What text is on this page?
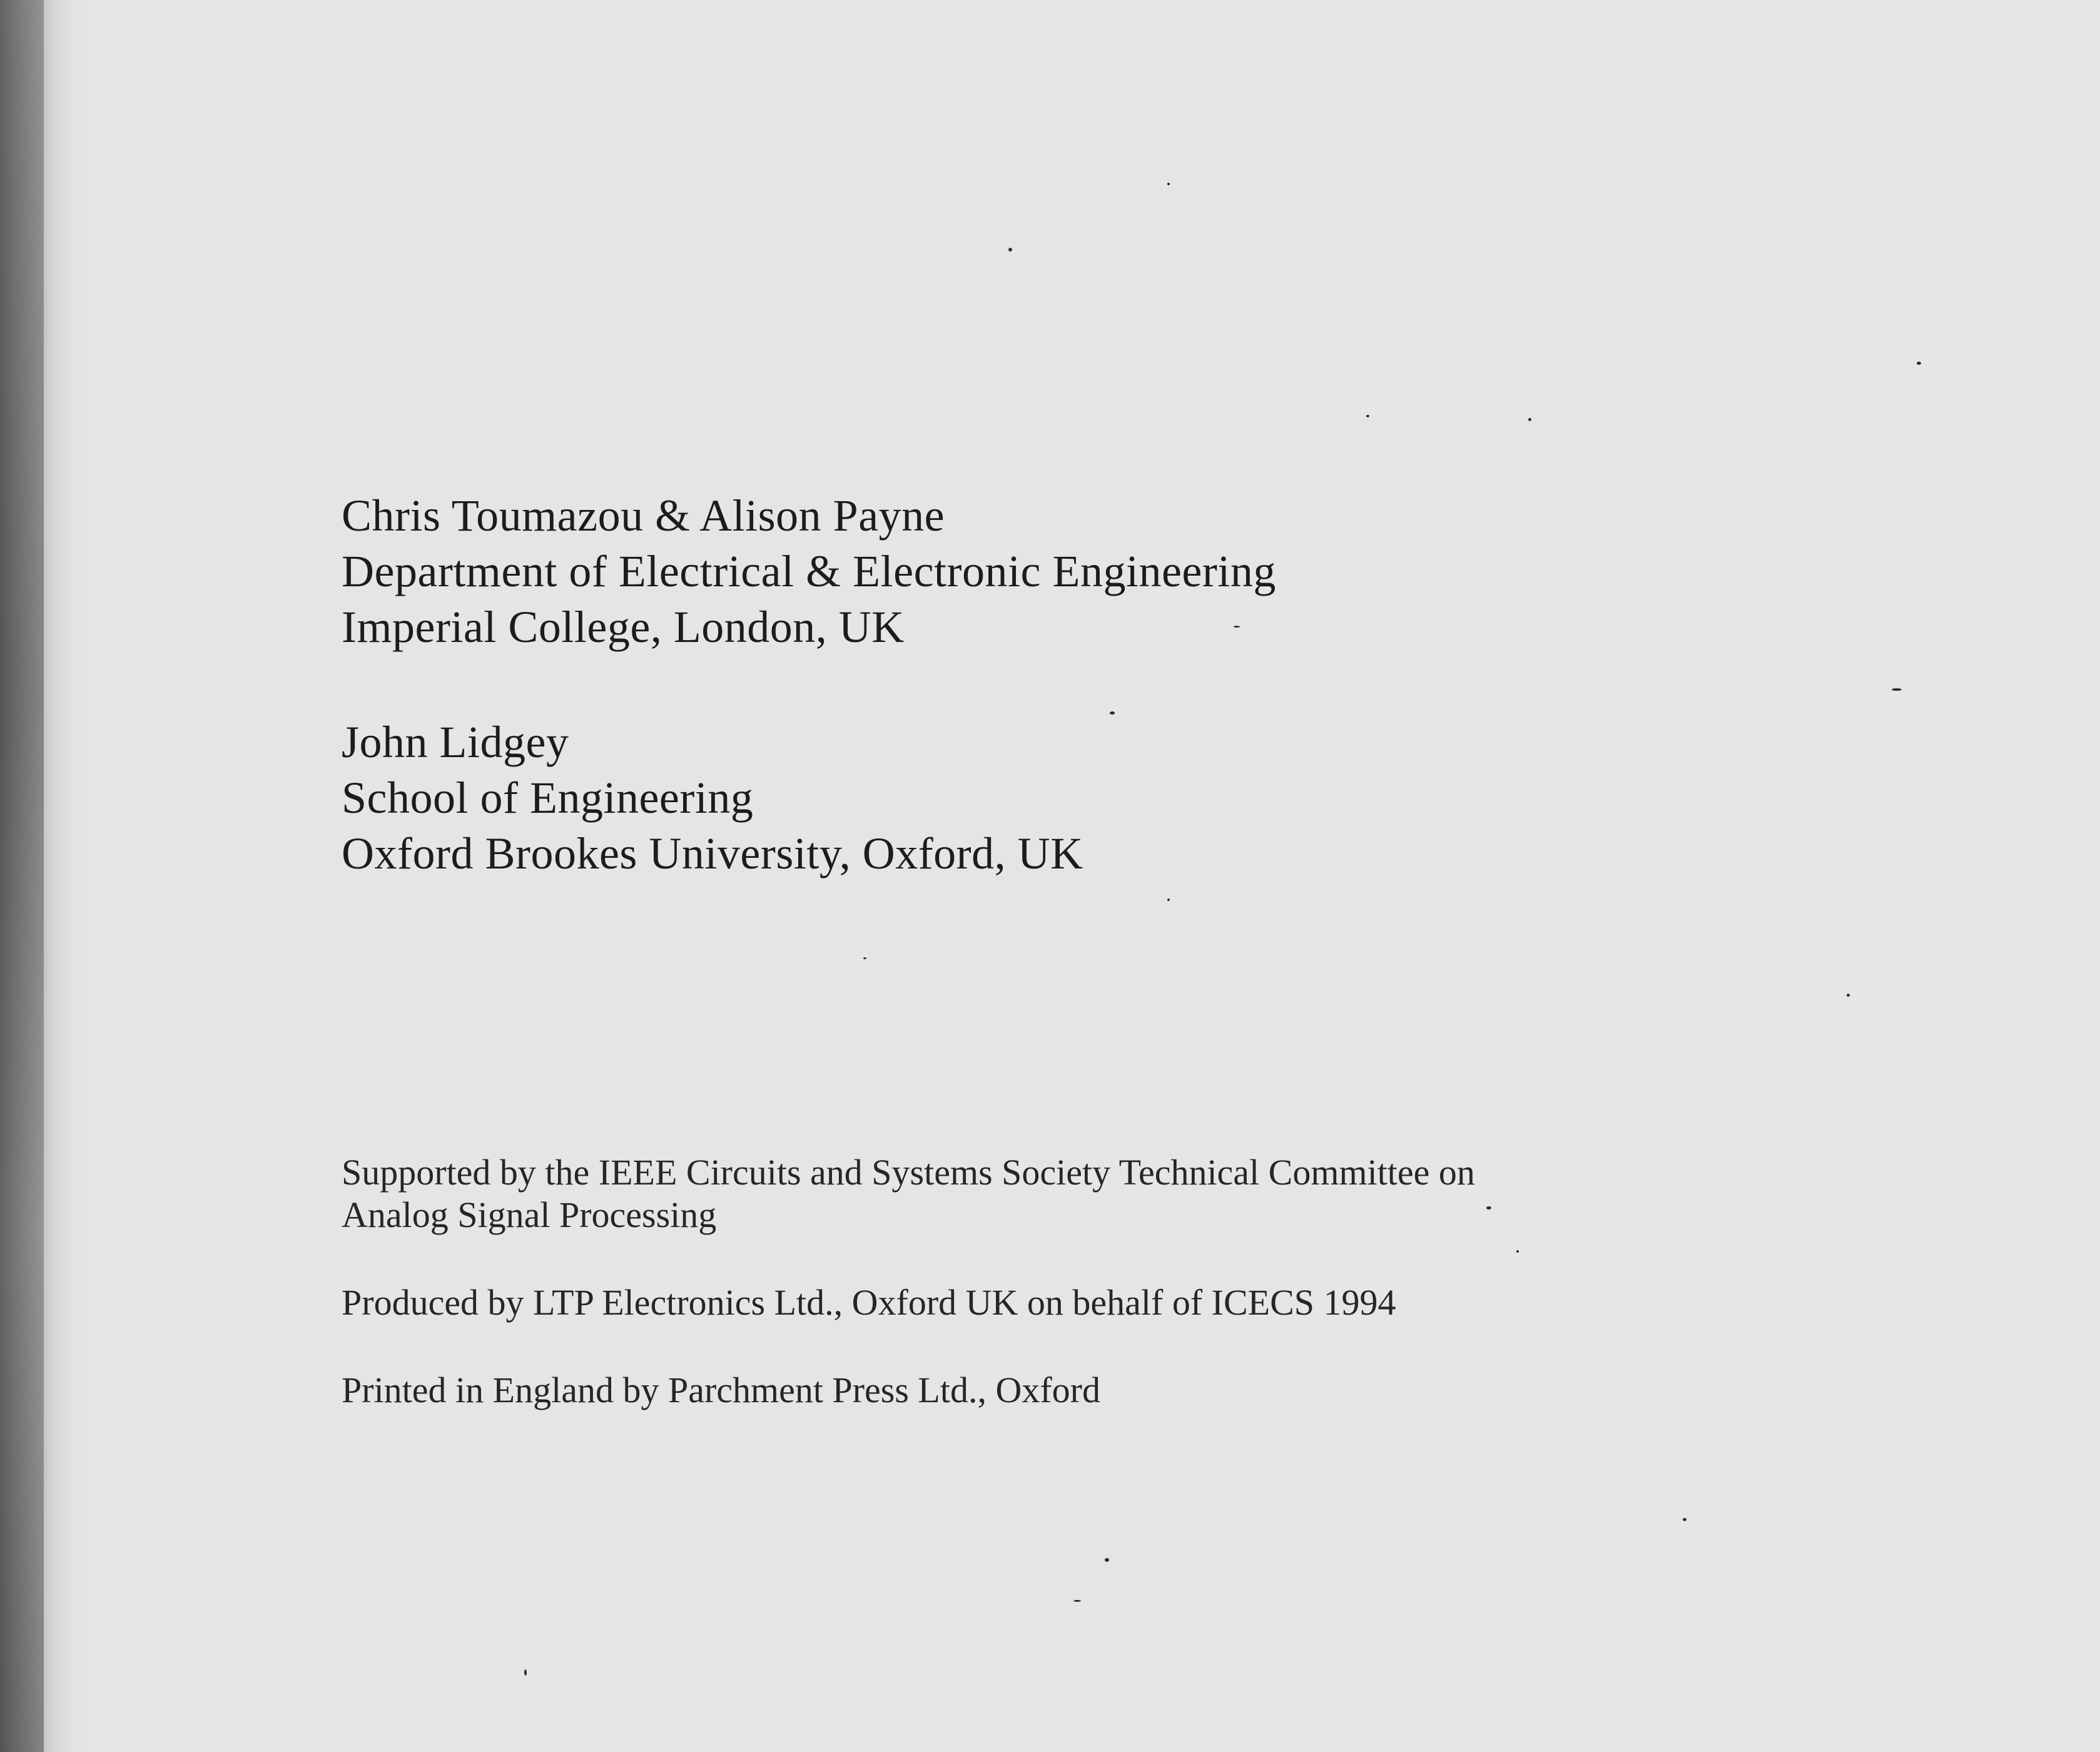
Chris Toumazou & Alison Payne
Department of Electrical & Electronic Engineering
Imperial College, London, UK
John Lidgey
School of Engineering
Oxford Brookes University, Oxford, UK
Supported by the IEEE Circuits and Systems Society Technical Committee on
Analog Signal Processing
Produced by LTP Electronics Ltd., Oxford UK on behalf of ICECS 1994
Printed in England by Parchment Press Ltd., Oxford
